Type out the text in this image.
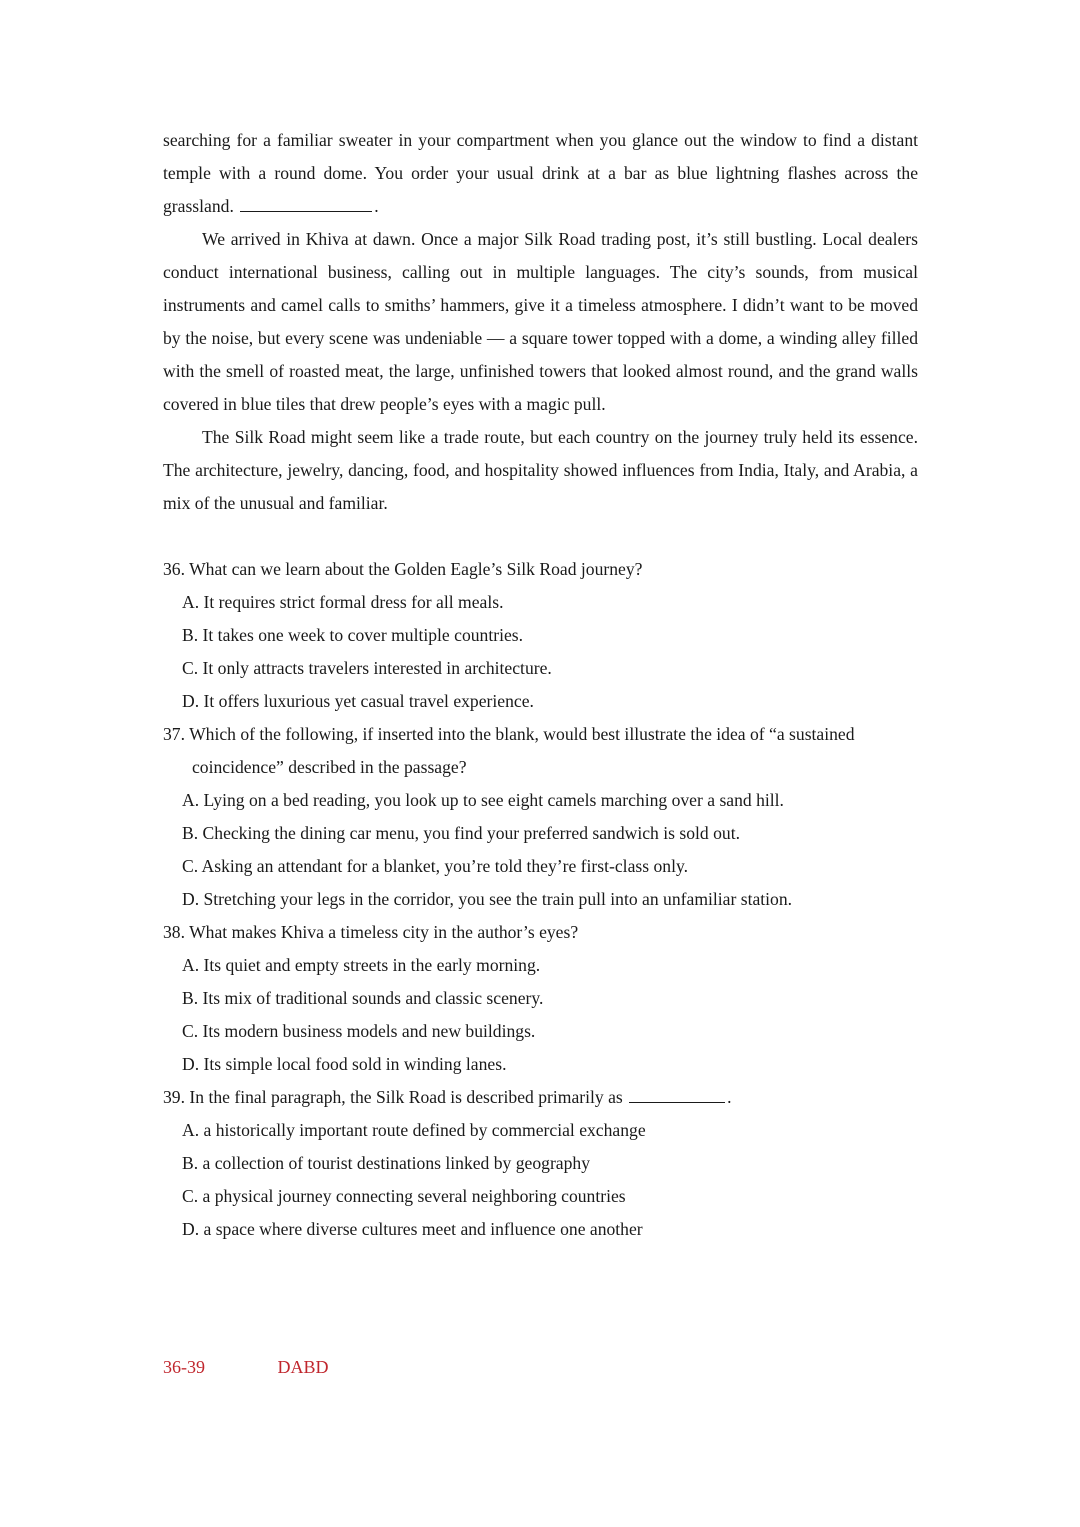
searching for a familiar sweater in your compartment when you glance out the window to find a distant temple with a round dome. You order your usual drink at a bar as blue lightning flashes across the grassland.	.

We arrived in Khiva at dawn. Once a major Silk Road trading post, it’s still bustling. Local dealers conduct international business, calling out in multiple languages. The city’s sounds, from musical instruments and camel calls to smiths’ hammers, give it a timeless atmosphere. I didn’t want to be moved by the noise, but every scene was undeniable — a square tower topped with a dome, a winding alley filled with the smell of roasted meat, the large, unfinished towers that looked almost round, and the grand walls covered in blue tiles that drew people’s eyes with a magic pull.

The Silk Road might seem like a trade route, but each country on the journey truly held its essence. The architecture, jewelry, dancing, food, and hospitality showed influences from India, Italy, and Arabia, a mix of the unusual and familiar.

36. What can we learn about the Golden Eagle’s Silk Road journey?

A. It requires strict formal dress for all meals.

B. It takes one week to cover multiple countries.

C. It only attracts travelers interested in architecture.

D. It offers luxurious yet casual travel experience.

37. Which of the following, if inserted into the blank, would best illustrate the idea of “a sustained coincidence” described in the passage?

A. Lying on a bed reading, you look up to see eight camels marching over a sand hill.

B. Checking the dining car menu, you find your preferred sandwich is sold out.

C. Asking an attendant for a blanket, you’re told they’re first-class only.

D. Stretching your legs in the corridor, you see the train pull into an unfamiliar station.

38. What makes Khiva a timeless city in the author’s eyes?

A. Its quiet and empty streets in the early morning.

B. Its mix of traditional sounds and classic scenery.

C. Its modern business models and new buildings.

D. Its simple local food sold in winding lanes.

39. In the final paragraph, the Silk Road is described primarily as	.

A. a historically important route defined by commercial exchange

B. a collection of tourist destinations linked by geography

C. a physical journey connecting several neighboring countries

D. a space where diverse cultures meet and influence one another

36-39	DABD
